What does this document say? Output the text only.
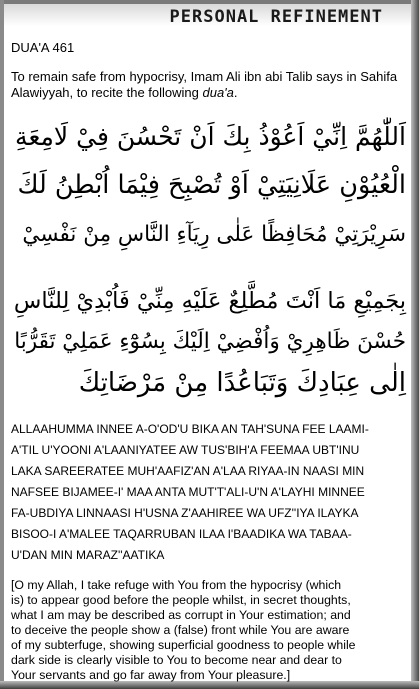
PERSONAL REFINEMENT
DUA'A 461
To remain safe from hypocrisy, Imam Ali ibn abi Talib says in Sahifa Alawiyyah, to recite the following dua'a.
اَللّٰهُمَّ اِنِّيْ اَعُوْذُ بِكَ اَنْ تَحْسُنَ فِيْ لَامِعَةِ
الْعُيُوْنِ عَلَانِيَتِيْ اَوْ تُصْبِحَ فِيْمَا اُبْطِنُ لَكَ
سَرِيْرَتِيْ مُحَافِظًا عَلٰى رِيَآءِ النَّاسِ مِنْ نَفْسِيْ
بِجَمِيْعِ مَا اَنْتَ مُطَّلِعٌ عَلَيْهِ مِنِّيْ فَاُبْدِيْ لِلنَّاسِ
حُسْنَ ظَاهِرِيْ وَاُفْضِيْ اِلَيْكَ بِسُوْٓءِ عَمَلِيْ تَقَرُّبًا
اِلٰى عِبَادِكَ وَتَبَاعُدًا مِنْ مَرْضَاتِكَ
ALLAAHUMMA INNEE A-O'OD'U BIKA AN TAH'SUNA FEE LAAMI-
A'TIL U'YOONI A'LAANIYATEE AW TUS'BIH'A FEEMAA UBT'INU
LAKA SAREERATEE MUH'AAFIZ'AN A'LAA RIYAA-IN NAASI MIN
NAFSEE BIJAMEE-I' MAA ANTA MUT'T'ALI-U'N A'LAYHI MINNEE
FA-UBDIYA LINNAASI H'USNA Z'AAHIREE WA UFZ''IYA ILAYKA
BISOO-I A'MALEE TAQARRUBAN ILAA I'BAADIKA WA TABAA-
U'DAN MIN MARAZ''AATIKA
[O my Allah, I take refuge with You from the hypocrisy (which
is) to appear good before the people whilst, in secret thoughts,
what I am may be described as corrupt in Your estimation; and
to deceive the people show a (false) front while You are aware
of my subterfuge, showing superficial goodness to people while
dark side is clearly visible to You to become near and dear to
Your servants and go far away from Your pleasure.]
